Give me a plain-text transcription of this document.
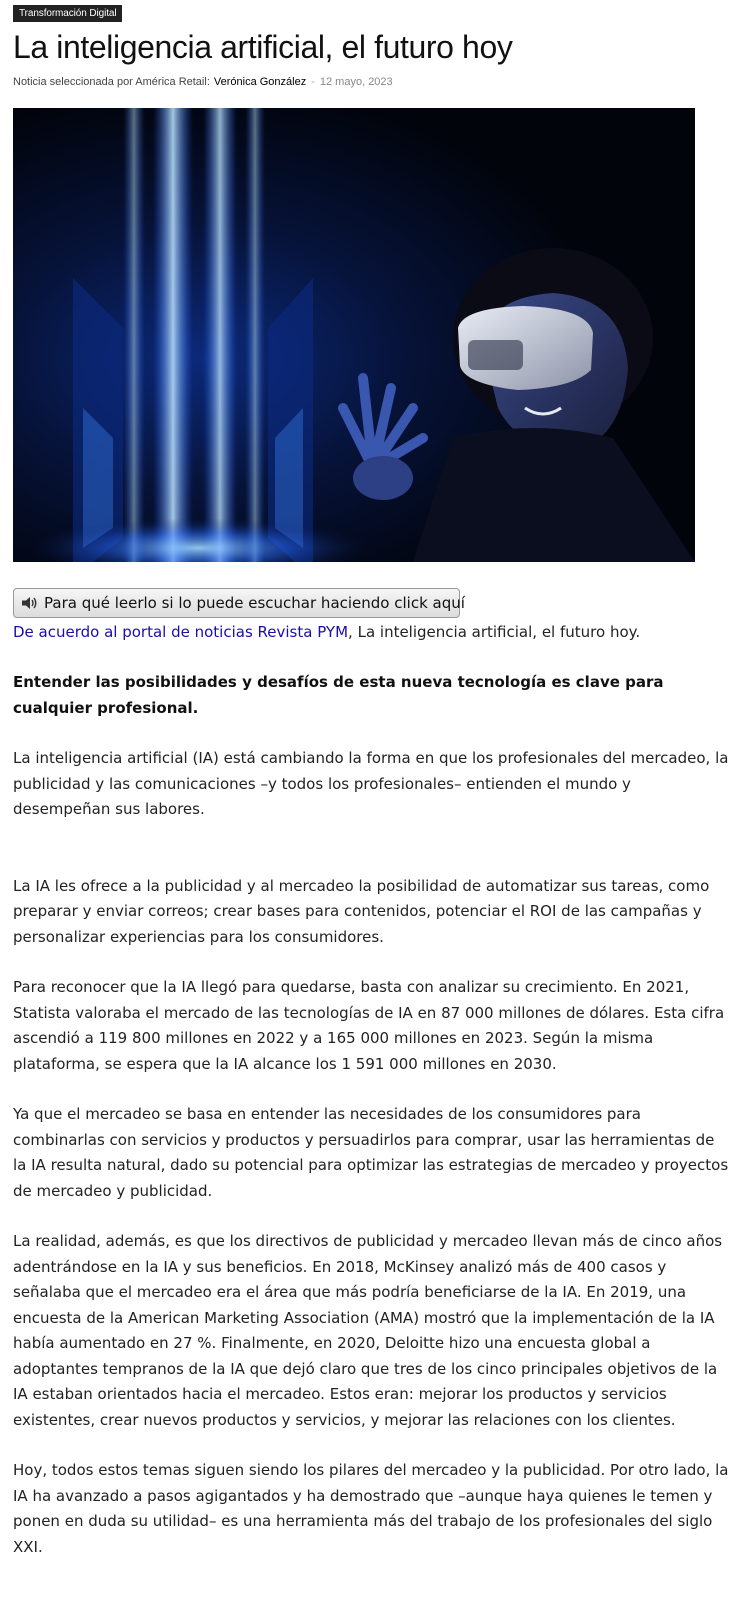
Transformación Digital
La inteligencia artificial, el futuro hoy
Noticia seleccionada por América Retail: Verónica González - 12 mayo, 2023
Para qué leerlo si lo puede escuchar haciendo click aquí

De acuerdo al portal de noticias Revista PYM, La inteligencia artificial, el futuro hoy.

Entender las posibilidades y desafíos de esta nueva tecnología es clave para cualquier profesional.

La inteligencia artificial (IA) está cambiando la forma en que los profesionales del mercadeo, la publicidad y las comunicaciones –y todos los profesionales– entienden el mundo y desempeñan sus labores.

La IA les ofrece a la publicidad y al mercadeo la posibilidad de automatizar sus tareas, como preparar y enviar correos; crear bases para contenidos, potenciar el ROI de las campañas y personalizar experiencias para los consumidores.

Para reconocer que la IA llegó para quedarse, basta con analizar su crecimiento. En 2021, Statista valoraba el mercado de las tecnologías de IA en 87 000 millones de dólares. Esta cifra ascendió a 119 800 millones en 2022 y a 165 000 millones en 2023. Según la misma plataforma, se espera que la IA alcance los 1 591 000 millones en 2030.

Ya que el mercadeo se basa en entender las necesidades de los consumidores para combinarlas con servicios y productos y persuadirlos para comprar, usar las herramientas de la IA resulta natural, dado su potencial para optimizar las estrategias de mercadeo y proyectos de mercadeo y publicidad.

La realidad, además, es que los directivos de publicidad y mercadeo llevan más de cinco años adentrándose en la IA y sus beneficios. En 2018, McKinsey analizó más de 400 casos y señalaba que el mercadeo era el área que más podría beneficiarse de la IA. En 2019, una encuesta de la American Marketing Association (AMA) mostró que la implementación de la IA había aumentado en 27 %. Finalmente, en 2020, Deloitte hizo una encuesta global a adoptantes tempranos de la IA que dejó claro que tres de los cinco principales objetivos de la IA estaban orientados hacia el mercadeo. Estos eran: mejorar los productos y servicios existentes, crear nuevos productos y servicios, y mejorar las relaciones con los clientes.

Hoy, todos estos temas siguen siendo los pilares del mercadeo y la publicidad. Por otro lado, la IA ha avanzado a pasos agigantados y ha demostrado que –aunque haya quienes le temen y ponen en duda su utilidad– es una herramienta más del trabajo de los profesionales del siglo XXI.
